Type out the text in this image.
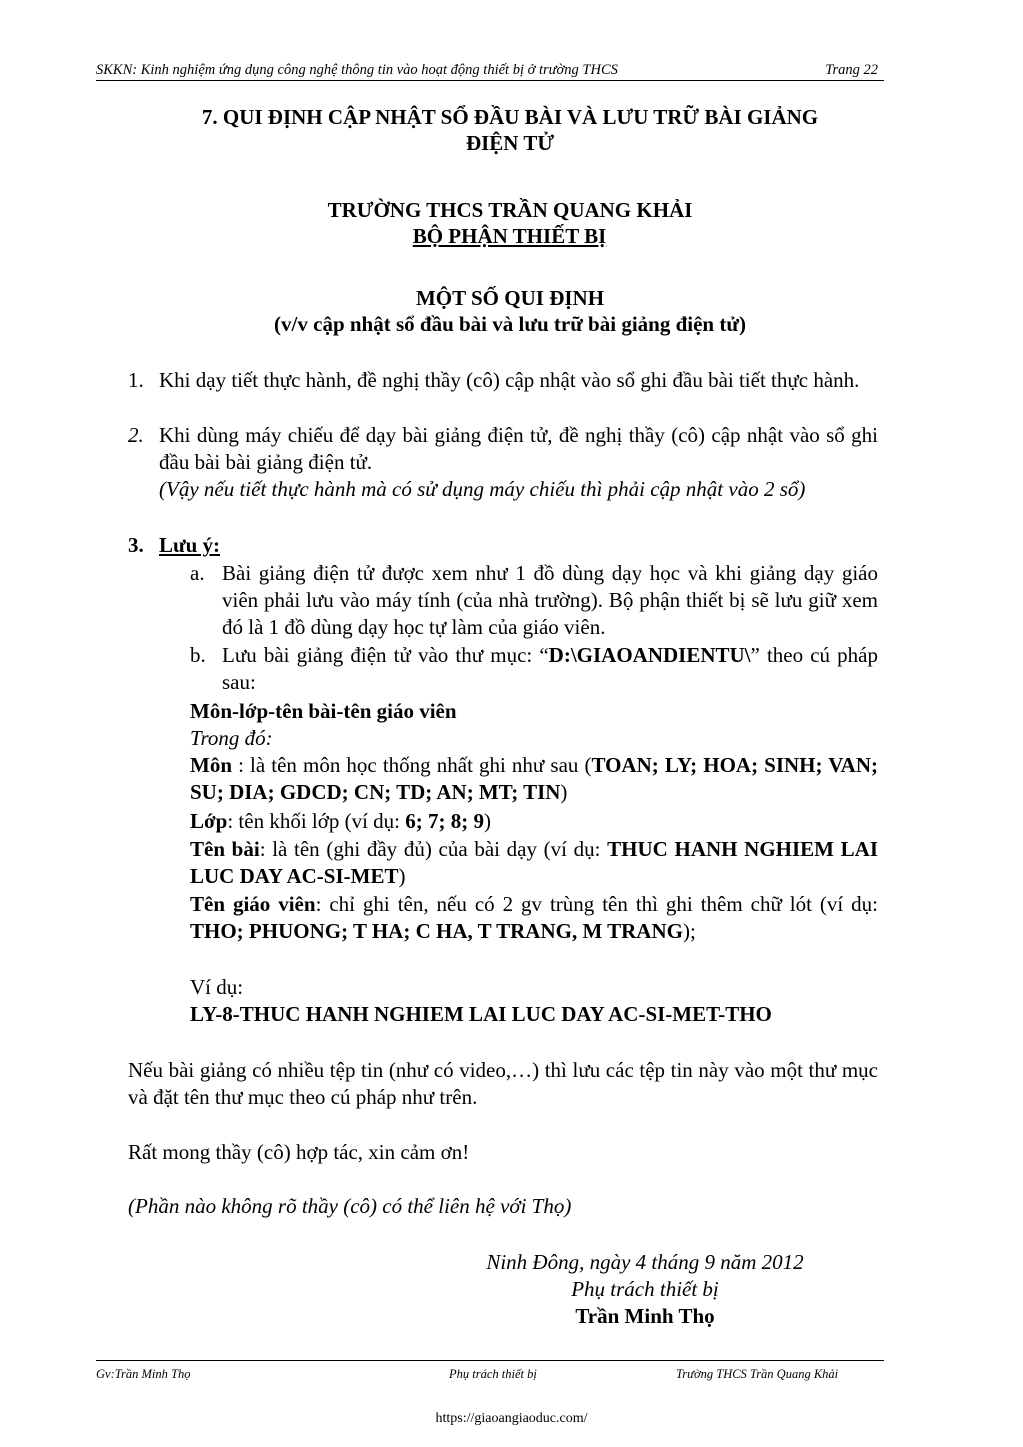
SKKN: Kinh nghiệm ứng dụng công nghệ thông tin vào hoạt động thiết bị ở trường THCS	Trang 22
7. QUI ĐỊNH CẬP NHẬT SỔ ĐẦU BÀI VÀ LƯU TRỮ BÀI GIẢNG
ĐIỆN TỬ
TRƯỜNG THCS TRẦN QUANG KHẢI
BỘ PHẬN THIẾT BỊ
MỘT SỐ QUI ĐỊNH
(v/v cập nhật sổ đầu bài và lưu trữ bài giảng điện tử)
1. Khi dạy tiết thực hành, đề nghị thầy (cô) cập nhật vào sổ ghi đầu bài tiết thực hành.
2. Khi dùng máy chiếu để dạy bài giảng điện tử, đề nghị thầy (cô) cập nhật vào sổ ghi đầu bài bài giảng điện tử.
(Vậy nếu tiết thực hành mà có sử dụng máy chiếu thì phải cập nhật vào 2 sổ)
3. Lưu ý:
a. Bài giảng điện tử được xem như 1 đồ dùng dạy học và khi giảng dạy giáo viên phải lưu vào máy tính (của nhà trường). Bộ phận thiết bị sẽ lưu giữ xem đó là 1 đồ dùng dạy học tự làm của giáo viên.
b. Lưu bài giảng điện tử vào thư mục: “D:\GIAOANDIENTU\” theo cú pháp sau:
Môn-lớp-tên bài-tên giáo viên
Trong đó:
Môn : là tên môn học thống nhất ghi như sau (TOAN; LY; HOA; SINH; VAN; SU; DIA; GDCD; CN; TD; AN; MT; TIN)
Lớp: tên khối lớp (ví dụ: 6; 7; 8; 9)
Tên bài: là tên (ghi đầy đủ) của bài dạy (ví dụ: THUC HANH NGHIEM LAI LUC DAY AC-SI-MET)
Tên giáo viên: chỉ ghi tên, nếu có 2 gv trùng tên thì ghi thêm chữ lót (ví dụ: THO; PHUONG; T HA; C HA, T TRANG, M TRANG);
Ví dụ:
LY-8-THUC HANH NGHIEM LAI LUC DAY AC-SI-MET-THO
Nếu bài giảng có nhiều tệp tin (như có video,…) thì lưu các tệp tin này vào một thư mục và đặt tên thư mục theo cú pháp như trên.
Rất mong thầy (cô) hợp tác, xin cảm ơn!
(Phần nào không rõ thầy (cô) có thể liên hệ với Thọ)
Ninh Đông, ngày 4 tháng 9 năm 2012
Phụ trách thiết bị
Trần Minh Thọ
Gv:Trần Minh Thọ	Phụ trách thiết bị	Trường THCS Trần Quang Khải
https://giaoangiaoduc.com/
